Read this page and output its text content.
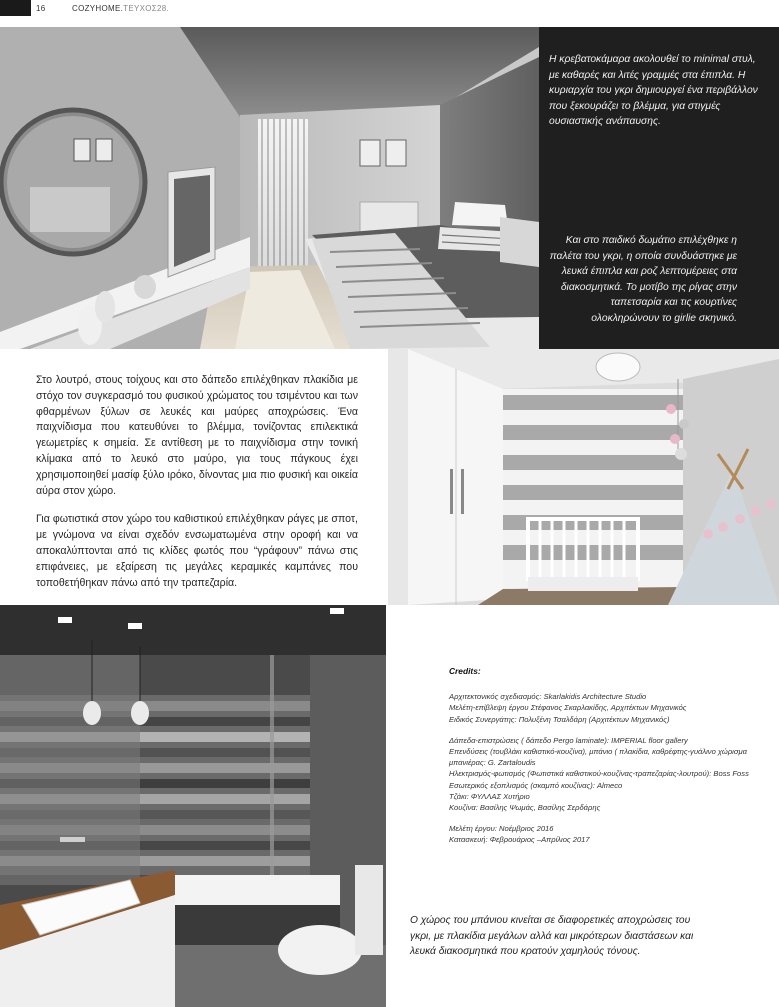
16	COZYHOME.ΤΕΥΧΟΣ28.
Η κρεβατοκάμαρα ακολουθεί το minimal στυλ, με καθαρές και λιτές γραμμές στα έπιπλα. Η κυριαρχία του γκρι δημιουργεί ένα περιβάλλον που ξεκουράζει το βλέμμα, για στιγμές ουσιαστικής ανάπαυσης.
Και στο παιδικό δωμάτιο επιλέχθηκε η παλέτα του γκρι, η οποία συνδυάστηκε με λευκά έπιπλα και ροζ λεπτομέρειες στα διακοσμητικά. Το μοτίβο της ρίγας στην ταπετσαρία και τις κουρτίνες ολοκληρώνουν το girlie σκηνικό.

Στο λουτρό, στους τοίχους και στο δάπεδο επιλέχθηκαν πλακίδια με στόχο τον συγκερασμό του φυσικού χρώματος του τσιμέντου και των φθαρμένων ξύλων σε λευκές και μαύρες αποχρώσεις. Ένα παιχνίδισμα που κατευθύνει το βλέμμα, τονίζοντας επιλεκτικά γεωμετρίες κ σημεία. Σε αντίθεση με το παιχνίδισμα στην τονική κλίμακα από το λευκό στο μαύρο, για τους πάγκους έχει χρησιμοποιηθεί μασίφ ξύλο ιρόκο, δίνοντας μια πιο φυσική και οικεία αύρα στον χώρο.

Για φωτιστικά στον χώρο του καθιστικού επιλέχθηκαν ράγες με σποτ, με γνώμονα να είναι σχεδόν ενσωματωμένα στην οροφή και να αποκαλύπτονται από τις κλίδες φωτός που “γράφουν” πάνω στις επιφάνειες, με εξαίρεση τις μεγάλες κεραμικές καμπάνες που τοποθετήθηκαν πάνω από την τραπεζαρία.

Credits:
Αρχιτεκτονικός σχεδιασμός: Skarlakidis Architecture Studio
Μελέτη-επίβλεψη έργου Στέφανος Σκαρλακίδης, Αρχιτέκτων Μηχανικός
Ειδικός Συνεργάτης: Πολυξένη Τσαλδάρη (Αρχιτέκτων Μηχανικός)
Δάπεδα-επιστρώσεις ( δάπεδο Pergo laminate): IMPERIAL floor gallery
Επενδύσεις (τουβλάκι καθιστικό-κουζίνα), μπάνιο ( πλακίδια, καθρέφτης-γυάλινο χώρισμα μπανιέρας: G. Zartaloudis
Ηλεκτρισμός-φωτισμός (Φωτιστικά καθιστικού-κουζίνας-τραπεζαρίας-λουτρού): Boss Foss
Εσωτερικός εξοπλισμός (σκαμπό κουζίνας): Almeco
Τζάκι: ΦΥΛΛΑΣ Χυτήριο
Κουζίνα: Βασίλης Ψωμάς, Βασίλης Σερδάρης
Μελέτη έργου: Νοέμβριος 2016
Κατασκευή: Φεβρουάριος –Απρίλιος 2017
Ο χώρος του μπάνιου κινείται σε διαφορετικές αποχρώσεις του γκρι, με πλακίδια μεγάλων αλλά και μικρότερων διαστάσεων και λευκά διακοσμητικά που κρατούν χαμηλούς τόνους.
